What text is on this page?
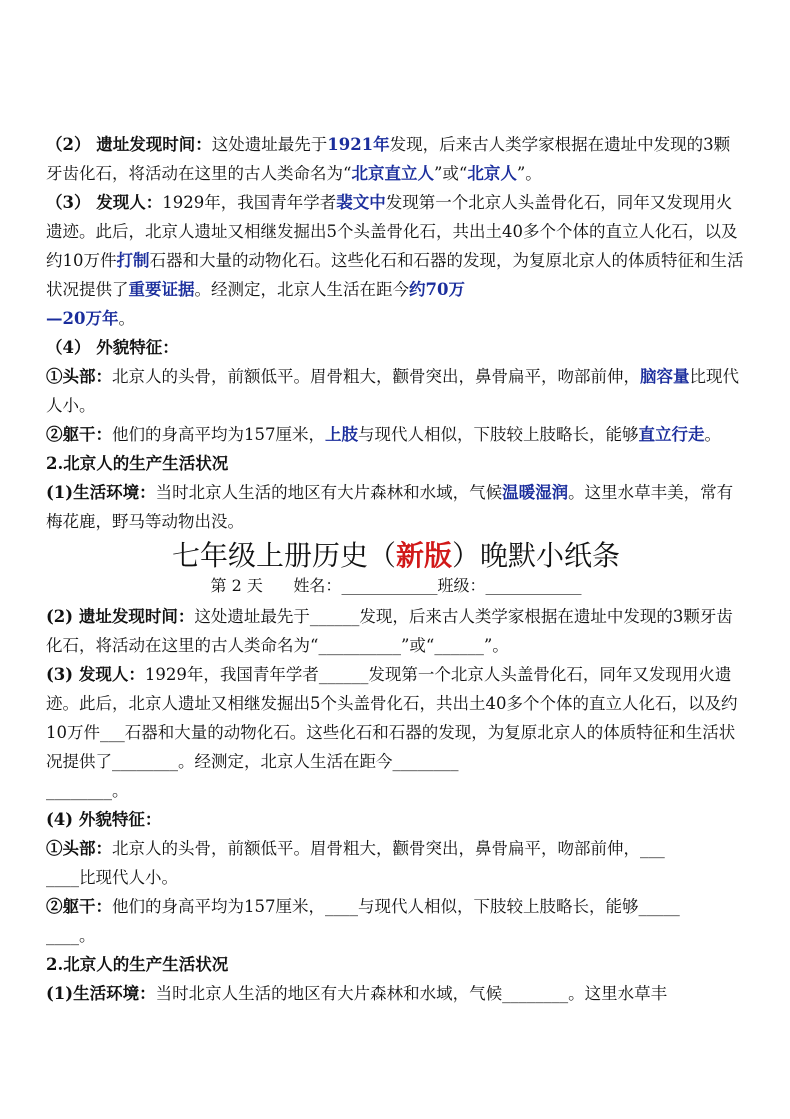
（2） 遗址发现时间：这处遗址最先于1921年发现，后来古人类学家根据在遗址中发现的3颗牙齿化石，将活动在这里的古人类命名为“北京直立人”或“北京人”。

（3） 发现人：1929年，我国青年学者裴文中发现第一个北京人头盖骨化石，同年又发现用火遗迹。此后，北京人遗址又相继发掘出5个头盖骨化石，共出土40多个个体的直立人化石，以及约10万件打制石器和大量的动物化石。这些化石和石器的发现，为复原北京人的体质特征和生活状况提供了重要证据。经测定，北京人生活在距今约70万

—20万年。

（4） 外貌特征：

①头部：北京人的头骨，前额低平。眉骨粗大，颧骨突出，鼻骨扁平，吻部前伸，脑容量比现代人小。

②躯干：他们的身高平均为157厘米，上肢与现代人相似，下肢较上肢略长，能够直立行走。

2.北京人的生产生活状况

(1)生活环境：当时北京人生活的地区有大片森林和水域，气候温暖湿润。这里水草丰美，常有梅花鹿，野马等动物出没。

七年级上册历史（新版）晚默小纸条
第 2 天 姓名：____________班级：____________

(2) 遗址发现时间：这处遗址最先于______发现，后来古人类学家根据在遗址中发现的3颗牙齿化石，将活动在这里的古人类命名为“__________”或“______”。

(3) 发现人：1929年，我国青年学者______发现第一个北京人头盖骨化石，同年又发现用火遗迹。此后，北京人遗址又相继发掘出5个头盖骨化石，共出土40多个个体的直立人化石，以及约10万件___石器和大量的动物化石。这些化石和石器的发现，为复原北京人的体质特征和生活状况提供了________。经测定，北京人生活在距今________

________。

(4) 外貌特征：

①头部：北京人的头骨，前额低平。眉骨粗大，颧骨突出，鼻骨扁平，吻部前伸，___

____比现代人小。

②躯干：他们的身高平均为157厘米，____与现代人相似，下肢较上肢略长，能够_____

____。

2.北京人的生产生活状况

(1)生活环境：当时北京人生活的地区有大片森林和水域，气候________。这里水草丰
